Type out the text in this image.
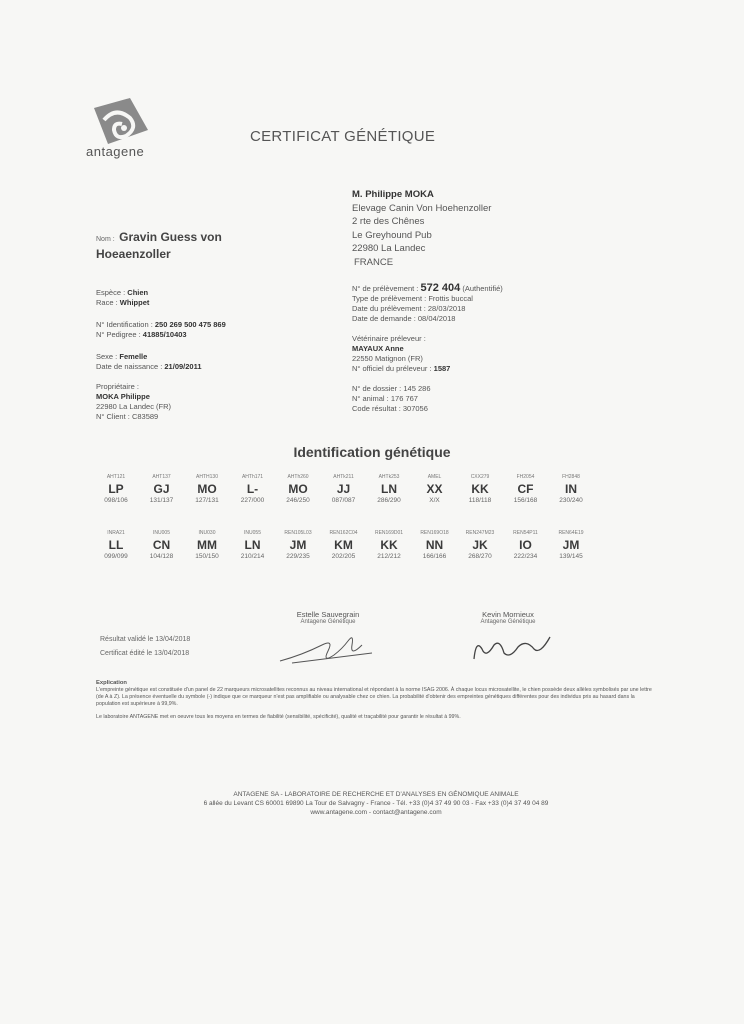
antagene
CERTIFICAT GÉNÉTIQUE
M. Philippe MOKA
Elevage Canin Von Hoehenzoller
2 rte des Chênes
Le Greyhound Pub
22980 La Landec
FRANCE
Nom : Gravin Guess von
Hoeaenzoller
Espèce : Chien
Race : Whippet
N° Identification : 250 269 500 475 869
N° Pedigree : 41885/10403
Sexe : Femelle
Date de naissance : 21/09/2011
Propriétaire :
MOKA Philippe
22980 La Landec (FR)
N° Client : C83589
N° de prélèvement : 572 404 (Authentifié)
Type de prélèvement : Frottis buccal
Date du prélèvement : 28/03/2018
Date de demande : 08/04/2018
Vétérinaire préleveur :
MAYAUX Anne
22550 Matignon (FR)
N° officiel du préleveur : 1587
N° de dossier : 145 286
N° animal : 176 767
Code résultat : 307056
Identification génétique
AHT121
LP
098/106
AHT137
GJ
131/137
AHTH130
MO
127/131
AHTh171
L-
227/000
AHTh260
MO
246/250
AHTk211
JJ
087/087
AHTk253
LN
286/290
AMEL
XX
X/X
CXX279
KK
118/118
FH2054
CF
156/168
FH2848
IN
230/240
INRA21
LL
099/099
INU005
CN
104/128
INU030
MM
150/150
INU055
LN
210/214
REN105L03
JM
229/235
REN162C04
KM
202/205
REN169D01
KK
212/212
REN169O18
NN
166/166
REN247M23
JK
268/270
REN54P11
IO
222/234
REN64E19
JM
139/145
Estelle Sauvegrain
Antagene Génétique
Kevin Mornieux
Antagene Génétique
Résultat validé le 13/04/2018
Certificat édité le 13/04/2018
Explication

L'empreinte génétique est constituée d'un panel de 22 marqueurs microsatellites reconnus au niveau international et répondant à la norme ISAG 2006. À chaque locus microsatellite, le chien possède deux allèles symbolisés par une lettre (de A à Z). La présence éventuelle du symbole (-) indique que ce marqueur n'est pas amplifiable ou analysable chez ce chien. La probabilité d'obtenir des empreintes génétiques différentes pour des individus pris au hasard dans la population est supérieure à 99,9%.

Le laboratoire ANTAGENE met en oeuvre tous les moyens en termes de fiabilité (sensibilité, spécificité), qualité et traçabilité pour garantir le résultat à 99%.

ANTAGENE SA - LABORATOIRE DE RECHERCHE ET D'ANALYSES EN GÉNOMIQUE ANIMALE
6 allée du Levant CS 60001 69890 La Tour de Salvagny - France - Tél. +33 (0)4 37 49 90 03 - Fax +33 (0)4 37 49 04 89
www.antagene.com - contact@antagene.com
